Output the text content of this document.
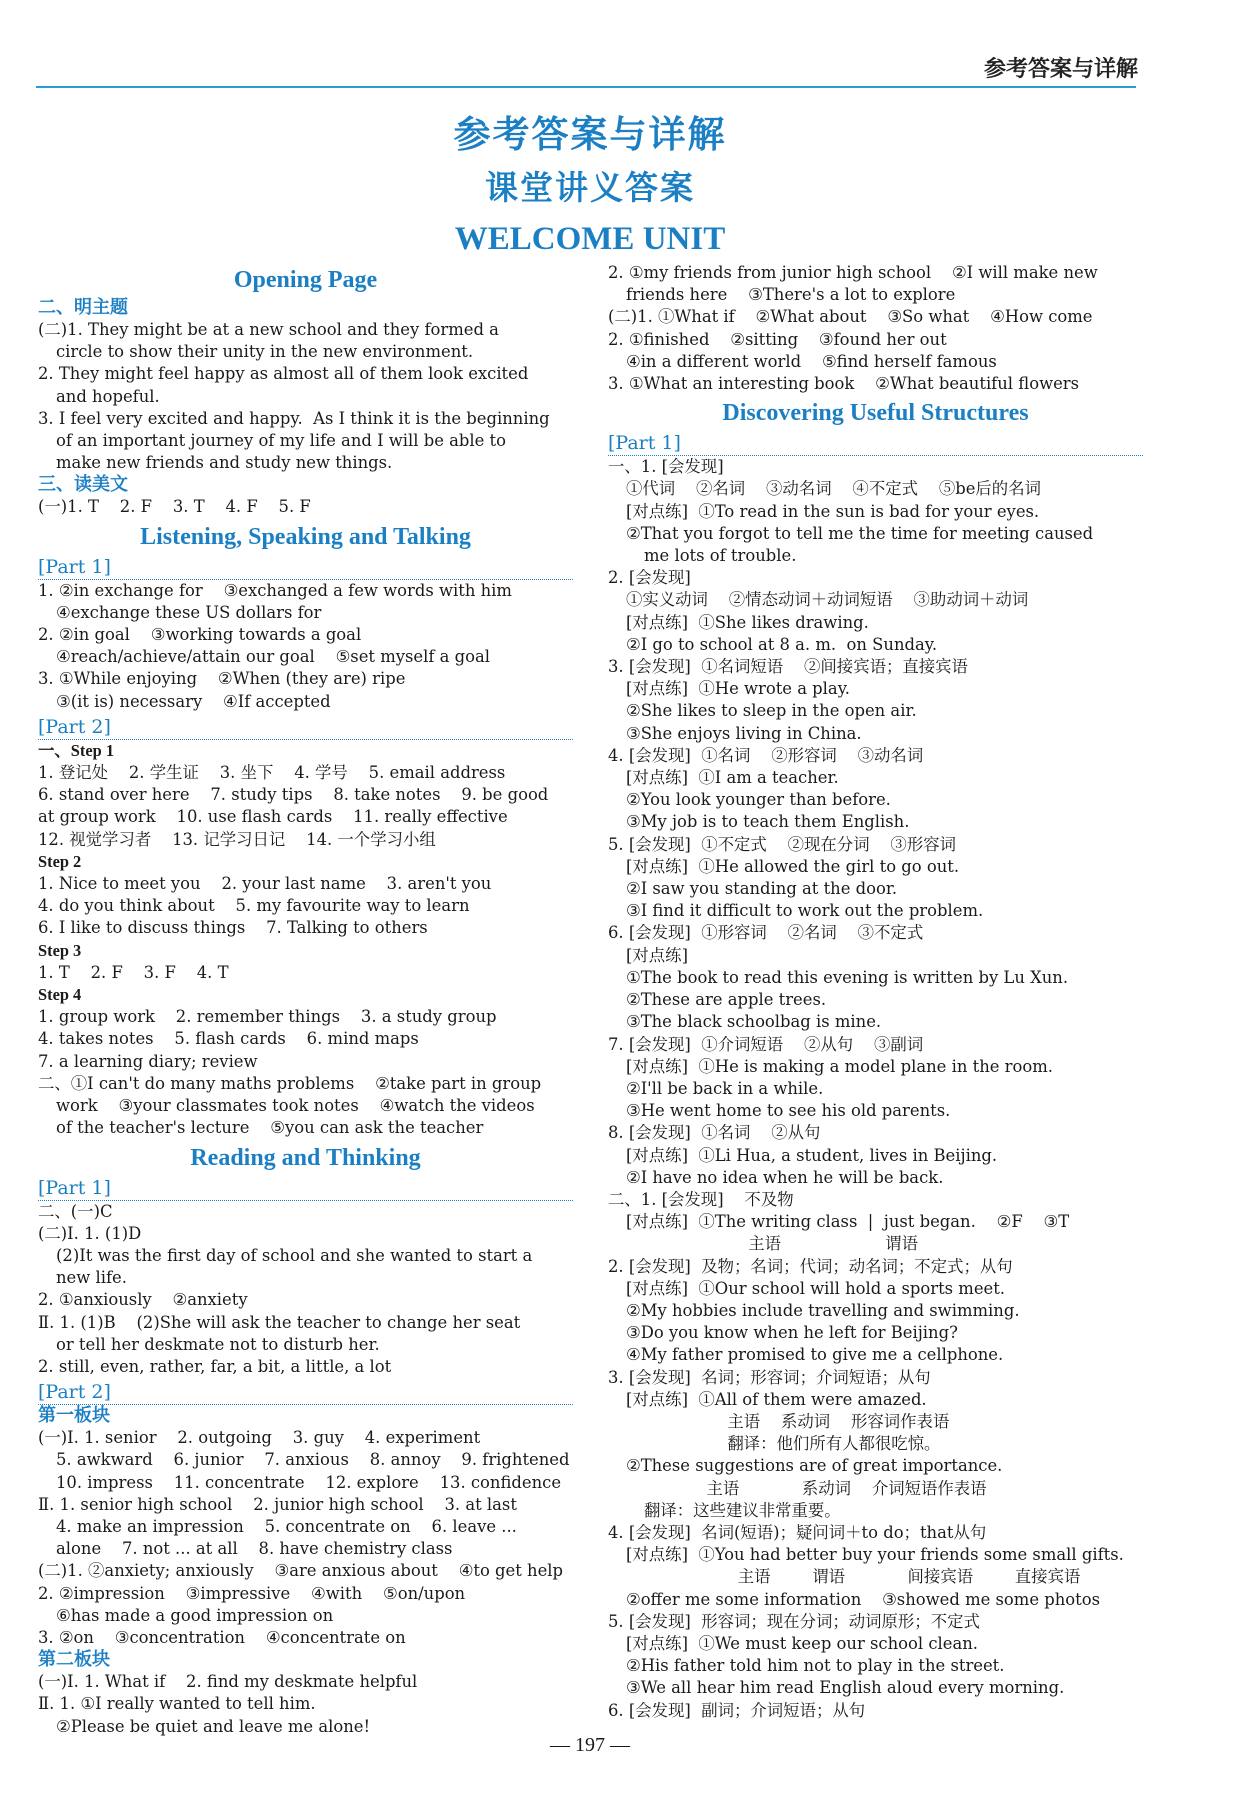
参考答案与详解
参考答案与详解
课堂讲义答案
WELCOME UNIT
Opening Page
二、明主题
(二)1. They might be at a new school and they formed a
circle to show their unity in the new environment.
2. They might feel happy as almost all of them look excited
and hopeful.
3. I feel very excited and happy.  As I think it is the beginning
of an important journey of my life and I will be able to
make new friends and study new things.
三、读美文
(一)1. T    2. F    3. T    4. F    5. F
Listening, Speaking and Talking
[Part 1]
1. ②in exchange for    ③exchanged a few words with him
④exchange these US dollars for
2. ②in goal    ③working towards a goal
④reach/achieve/attain our goal    ⑤set myself a goal
3. ①While enjoying    ②When (they are) ripe
③(it is) necessary    ④If accepted
[Part 2]
一、Step 1
1. 登记处    2. 学生证    3. 坐下    4. 学号    5. email address
6. stand over here    7. study tips    8. take notes    9. be good
at group work    10. use flash cards    11. really effective
12. 视觉学习者    13. 记学习日记    14. 一个学习小组
Step 2
1. Nice to meet you    2. your last name    3. aren't you
4. do you think about    5. my favourite way to learn
6. I like to discuss things    7. Talking to others
Step 3
1. T    2. F    3. F    4. T
Step 4
1. group work    2. remember things    3. a study group
4. takes notes    5. flash cards    6. mind maps
7. a learning diary; review
二、①I can't do many maths problems    ②take part in group
work    ③your classmates took notes    ④watch the videos
of the teacher's lecture    ⑤you can ask the teacher
Reading and Thinking
[Part 1]
二、(一)C
(二)Ⅰ. 1. (1)D
(2)It was the first day of school and she wanted to start a
new life.
2. ①anxiously    ②anxiety
Ⅱ. 1. (1)B    (2)She will ask the teacher to change her seat
or tell her deskmate not to disturb her.
2. still, even, rather, far, a bit, a little, a lot
[Part 2]
第一板块
(一)Ⅰ. 1. senior    2. outgoing    3. guy    4. experiment
5. awkward    6. junior    7. anxious    8. annoy    9. frightened
10. impress    11. concentrate    12. explore    13. confidence
Ⅱ. 1. senior high school    2. junior high school    3. at last
4. make an impression    5. concentrate on    6. leave ...
alone    7. not ... at all    8. have chemistry class
(二)1. ②anxiety; anxiously    ③are anxious about    ④to get help
2. ②impression    ③impressive    ④with    ⑤on/upon
⑥has made a good impression on
3. ②on    ③concentration    ④concentrate on
第二板块
(一)Ⅰ. 1. What if    2. find my deskmate helpful
Ⅱ. 1. ①I really wanted to tell him.
②Please be quiet and leave me alone!
2. ①my friends from junior high school    ②I will make new
friends here    ③There's a lot to explore
(二)1. ①What if    ②What about    ③So what    ④How come
2. ①finished    ②sitting    ③found her out
④in a different world    ⑤find herself famous
3. ①What an interesting book    ②What beautiful flowers
Discovering Useful Structures
[Part 1]
一、1. [会发现]
①代词    ②名词    ③动名词    ④不定式    ⑤be后的名词
[对点练]  ①To read in the sun is bad for your eyes.
②That you forgot to tell me the time for meeting caused
me lots of trouble.
2. [会发现]
①实义动词    ②情态动词＋动词短语    ③助动词＋动词
[对点练]  ①She likes drawing.
②I go to school at 8 a. m.  on Sunday.
3. [会发现]  ①名词短语    ②间接宾语；直接宾语
[对点练]  ①He wrote a play.
②She likes to sleep in the open air.
③She enjoys living in China.
4. [会发现]  ①名词    ②形容词    ③动名词
[对点练]  ①I am a teacher.
②You look younger than before.
③My job is to teach them English.
5. [会发现]  ①不定式    ②现在分词    ③形容词
[对点练]  ①He allowed the girl to go out.
②I saw you standing at the door.
③I find it difficult to work out the problem.
6. [会发现]  ①形容词    ②名词    ③不定式
[对点练]
①The book to read this evening is written by Lu Xun.
②These are apple trees.
③The black schoolbag is mine.
7. [会发现]  ①介词短语    ②从句    ③副词
[对点练]  ①He is making a model plane in the room.
②I'll be back in a while.
③He went home to see his old parents.
8. [会发现]  ①名词    ②从句
[对点练]  ①Li Hua, a student, lives in Beijing.
②I have no idea when he will be back.
二、1. [会发现]    不及物
[对点练]  ①The writing class  |  just began.    ②F    ③T
主语                    谓语
2. [会发现]  及物；名词；代词；动名词；不定式；从句
[对点练]  ①Our school will hold a sports meet.
②My hobbies include travelling and swimming.
③Do you know when he left for Beijing?
④My father promised to give me a cellphone.
3. [会发现]  名词；形容词；介词短语；从句
[对点练]  ①All of them were amazed.
主语    系动词    形容词作表语
翻译：他们所有人都很吃惊。
②These suggestions are of great importance.
主语            系动词    介词短语作表语
翻译：这些建议非常重要。
4. [会发现]  名词(短语)；疑问词＋to do；that从句
[对点练]  ①You had better buy your friends some small gifts.
主语        谓语            间接宾语        直接宾语
②offer me some information    ③showed me some photos
5. [会发现]  形容词；现在分词；动词原形；不定式
[对点练]  ①We must keep our school clean.
②His father told him not to play in the street.
③We all hear him read English aloud every morning.
6. [会发现]  副词；介词短语；从句
— 197 —
